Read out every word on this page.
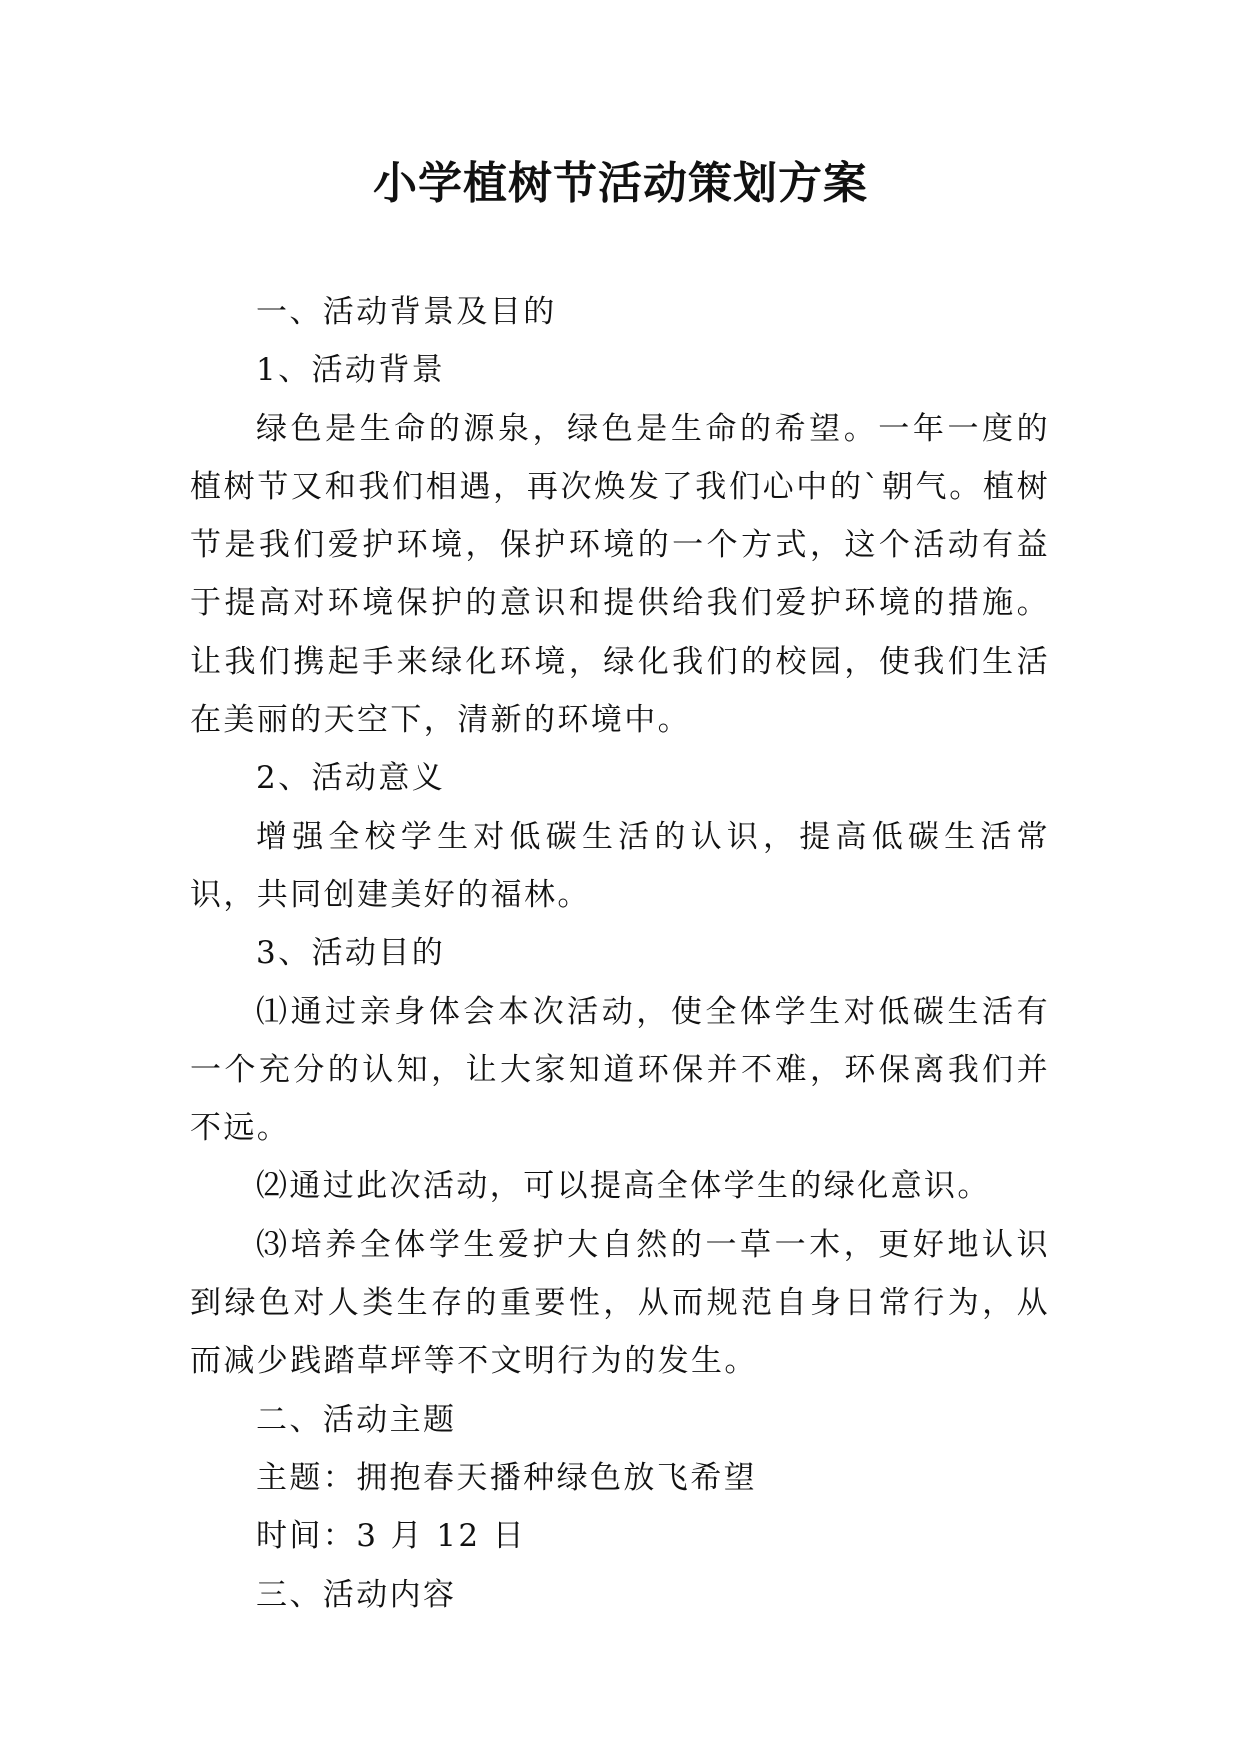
小学植树节活动策划方案

一、活动背景及目的

1、活动背景

绿色是生命的源泉，绿色是生命的希望。一年一度的植树节又和我们相遇，再次焕发了我们心中的`朝气。植树节是我们爱护环境，保护环境的一个方式，这个活动有益于提高对环境保护的意识和提供给我们爱护环境的措施。让我们携起手来绿化环境，绿化我们的校园，使我们生活在美丽的天空下，清新的环境中。

2、活动意义

增强全校学生对低碳生活的认识，提高低碳生活常识，共同创建美好的福林。

3、活动目的

⑴通过亲身体会本次活动，使全体学生对低碳生活有一个充分的认知，让大家知道环保并不难，环保离我们并不远。

⑵通过此次活动，可以提高全体学生的绿化意识。

⑶培养全体学生爱护大自然的一草一木，更好地认识到绿色对人类生存的重要性，从而规范自身日常行为，从而减少践踏草坪等不文明行为的发生。

二、活动主题

主题：拥抱春天播种绿色放飞希望

时间：3 月 12 日

三、活动内容
